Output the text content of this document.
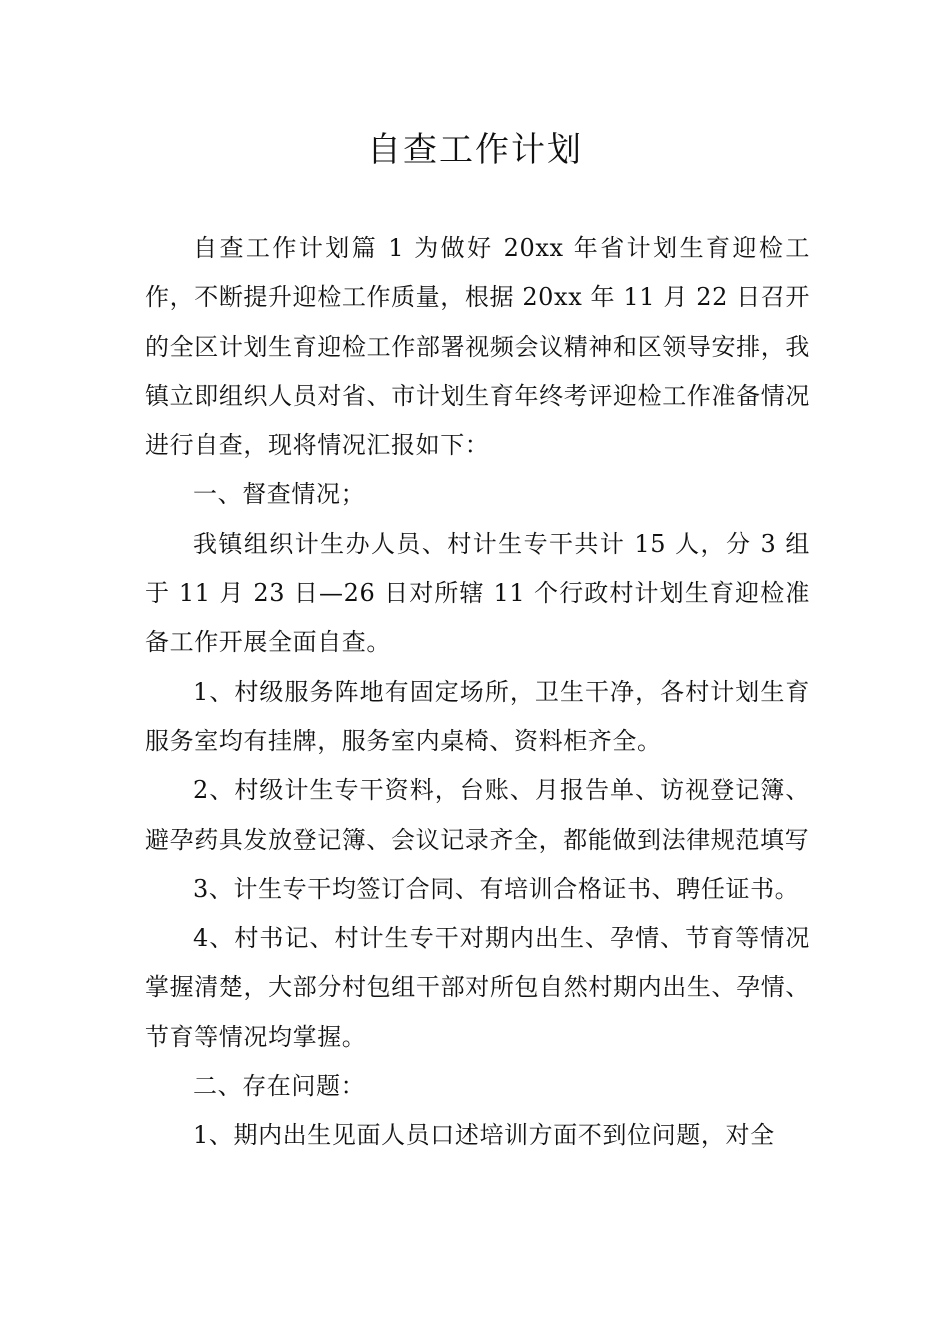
自查工作计划

自查工作计划篇 1 为做好 20xx 年省计划生育迎检工作，不断提升迎检工作质量，根据 20xx 年 11 月 22 日召开的全区计划生育迎检工作部署视频会议精神和区领导安排，我镇立即组织人员对省、市计划生育年终考评迎检工作准备情况进行自查，现将情况汇报如下：

一、督查情况；

我镇组织计生办人员、村计生专干共计 15 人，分 3 组于 11 月 23 日—26 日对所辖 11 个行政村计划生育迎检准备工作开展全面自查。

1、村级服务阵地有固定场所，卫生干净，各村计划生育服务室均有挂牌，服务室内桌椅、资料柜齐全。

2、村级计生专干资料，台账、月报告单、访视登记簿、避孕药具发放登记簿、会议记录齐全，都能做到法律规范填写

3、计生专干均签订合同、有培训合格证书、聘任证书。

4、村书记、村计生专干对期内出生、孕情、节育等情况掌握清楚，大部分村包组干部对所包自然村期内出生、孕情、节育等情况均掌握。

二、存在问题：

1、期内出生见面人员口述培训方面不到位问题，对全
